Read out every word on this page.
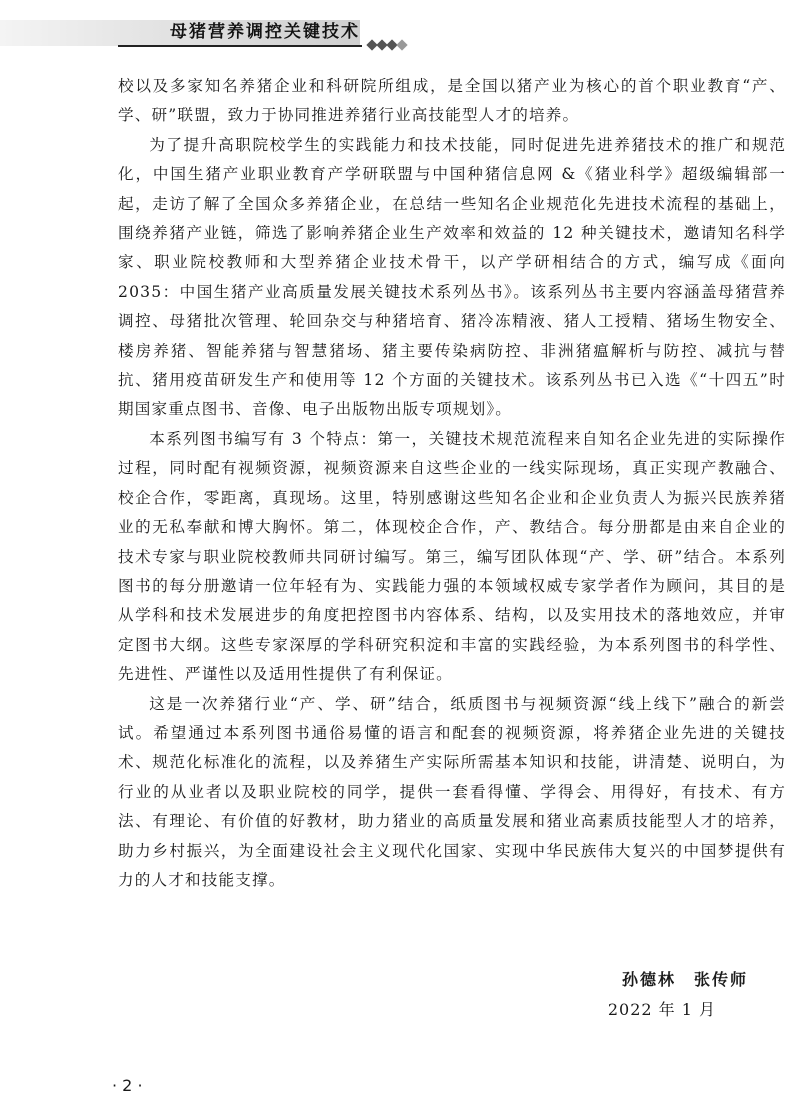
母猪营养调控关键技术

校以及多家知名养猪企业和科研院所组成，是全国以猪产业为核心的首个职业教育“产、学、研”联盟，致力于协同推进养猪行业高技能型人才的培养。

为了提升高职院校学生的实践能力和技术技能，同时促进先进养猪技术的推广和规范化，中国生猪产业职业教育产学研联盟与中国种猪信息网 &《猪业科学》超级编辑部一起，走访了解了全国众多养猪企业，在总结一些知名企业规范化先进技术流程的基础上，围绕养猪产业链，筛选了影响养猪企业生产效率和效益的 12 种关键技术，邀请知名科学家、职业院校教师和大型养猪企业技术骨干，以产学研相结合的方式，编写成《面向 2035：中国生猪产业高质量发展关键技术系列丛书》。该系列丛书主要内容涵盖母猪营养调控、母猪批次管理、轮回杂交与种猪培育、猪冷冻精液、猪人工授精、猪场生物安全、楼房养猪、智能养猪与智慧猪场、猪主要传染病防控、非洲猪瘟解析与防控、减抗与替抗、猪用疫苗研发生产和使用等 12 个方面的关键技术。该系列丛书已入选《“十四五”时期国家重点图书、音像、电子出版物出版专项规划》。

本系列图书编写有 3 个特点：第一，关键技术规范流程来自知名企业先进的实际操作过程，同时配有视频资源，视频资源来自这些企业的一线实际现场，真正实现产教融合、校企合作，零距离，真现场。这里，特别感谢这些知名企业和企业负责人为振兴民族养猪业的无私奉献和博大胸怀。第二，体现校企合作，产、教结合。每分册都是由来自企业的技术专家与职业院校教师共同研讨编写。第三，编写团队体现“产、学、研”结合。本系列图书的每分册邀请一位年轻有为、实践能力强的本领域权威专家学者作为顾问，其目的是从学科和技术发展进步的角度把控图书内容体系、结构，以及实用技术的落地效应，并审定图书大纲。这些专家深厚的学科研究积淀和丰富的实践经验，为本系列图书的科学性、先进性、严谨性以及适用性提供了有利保证。

这是一次养猪行业“产、学、研”结合，纸质图书与视频资源“线上线下”融合的新尝试。希望通过本系列图书通俗易懂的语言和配套的视频资源，将养猪企业先进的关键技术、规范化标准化的流程，以及养猪生产实际所需基本知识和技能，讲清楚、说明白，为行业的从业者以及职业院校的同学，提供一套看得懂、学得会、用得好，有技术、有方法、有理论、有价值的好教材，助力猪业的高质量发展和猪业高素质技能型人才的培养，助力乡村振兴，为全面建设社会主义现代化国家、实现中华民族伟大复兴的中国梦提供有力的人才和技能支撑。

孙德林　张传师
2022 年 1 月
· 2 ·
